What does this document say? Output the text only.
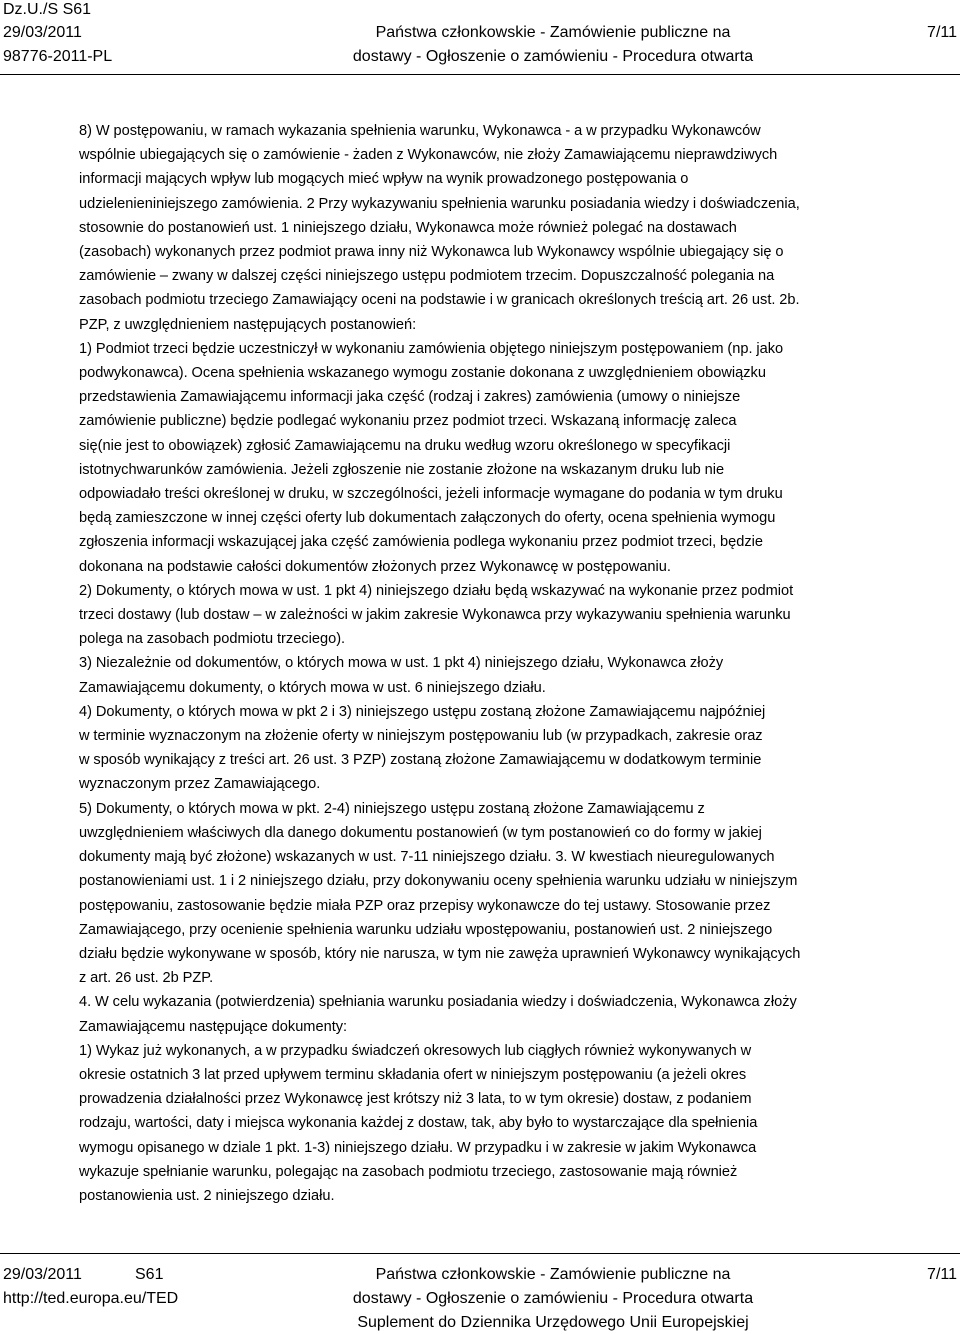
Dz.U./S S61
29/03/2011
98776-2011-PL
Państwa członkowskie - Zamówienie publiczne na
dostawy - Ogłoszenie o zamówieniu - Procedura otwarta
7/11

8) W postępowaniu, w ramach wykazania spełnienia warunku, Wykonawca - a w przypadku Wykonawców
wspólnie ubiegających się o zamówienie - żaden z Wykonawców, nie złoży Zamawiającemu nieprawdziwych
informacji mających wpływ lub mogących mieć wpływ na wynik prowadzonego postępowania o
udzielenieniniejszego zamówienia. 2 Przy wykazywaniu spełnienia warunku posiadania wiedzy i doświadczenia,
stosownie do postanowień ust. 1 niniejszego działu, Wykonawca może również polegać na dostawach
(zasobach) wykonanych przez podmiot prawa inny niż Wykonawca lub Wykonawcy wspólnie ubiegający się o
zamówienie – zwany w dalszej części niniejszego ustępu podmiotem trzecim. Dopuszczalność polegania na
zasobach podmiotu trzeciego Zamawiający oceni na podstawie i w granicach określonych treścią art. 26 ust. 2b.
PZP, z uwzględnieniem następujących postanowień:
1) Podmiot trzeci będzie uczestniczył w wykonaniu zamówienia objętego niniejszym postępowaniem (np. jako
podwykonawca). Ocena spełnienia wskazanego wymogu zostanie dokonana z uwzględnieniem obowiązku
przedstawienia Zamawiającemu informacji jaka część (rodzaj i zakres) zamówienia (umowy o niniejsze
zamówienie publiczne) będzie podlegać wykonaniu przez podmiot trzeci. Wskazaną informację zaleca
się(nie jest to obowiązek) zgłosić Zamawiającemu na druku według wzoru określonego w specyfikacji
istotnychwarunków zamówienia. Jeżeli zgłoszenie nie zostanie złożone na wskazanym druku lub nie
odpowiadało treści określonej w druku, w szczególności, jeżeli informacje wymagane do podania w tym druku
będą zamieszczone w innej części oferty lub dokumentach załączonych do oferty, ocena spełnienia wymogu
zgłoszenia informacji wskazującej jaka część zamówienia podlega wykonaniu przez podmiot trzeci, będzie
dokonana na podstawie całości dokumentów złożonych przez Wykonawcę w postępowaniu.
2) Dokumenty, o których mowa w ust. 1 pkt 4) niniejszego działu będą wskazywać na wykonanie przez podmiot
trzeci dostawy (lub dostaw – w zależności w jakim zakresie Wykonawca przy wykazywaniu spełnienia warunku
polega na zasobach podmiotu trzeciego).
3) Niezależnie od dokumentów, o których mowa w ust. 1 pkt 4) niniejszego działu, Wykonawca złoży
Zamawiającemu dokumenty, o których mowa w ust. 6 niniejszego działu.
4) Dokumenty, o których mowa w pkt 2 i 3) niniejszego ustępu zostaną złożone Zamawiającemu najpóźniej
w terminie wyznaczonym na złożenie oferty w niniejszym postępowaniu lub (w przypadkach, zakresie oraz
w sposób wynikający z treści art. 26 ust. 3 PZP) zostaną złożone Zamawiającemu w dodatkowym terminie
wyznaczonym przez Zamawiającego.
5) Dokumenty, o których mowa w pkt. 2-4) niniejszego ustępu zostaną złożone Zamawiającemu z
uwzględnieniem właściwych dla danego dokumentu postanowień (w tym postanowień co do formy w jakiej
dokumenty mają być złożone) wskazanych w ust. 7-11 niniejszego działu. 3. W kwestiach nieuregulowanych
postanowieniami ust. 1 i 2 niniejszego działu, przy dokonywaniu oceny spełnienia warunku udziału w niniejszym
postępowaniu, zastosowanie będzie miała PZP oraz przepisy wykonawcze do tej ustawy. Stosowanie przez
Zamawiającego, przy ocenienie spełnienia warunku udziału wpostępowaniu, postanowień ust. 2 niniejszego
działu będzie wykonywane w sposób, który nie narusza, w tym nie zawęża uprawnień Wykonawcy wynikających
z art. 26 ust. 2b PZP.
4. W celu wykazania (potwierdzenia) spełniania warunku posiadania wiedzy i doświadczenia, Wykonawca złoży
Zamawiającemu następujące dokumenty:
1) Wykaz już wykonanych, a w przypadku świadczeń okresowych lub ciągłych również wykonywanych w
okresie ostatnich 3 lat przed upływem terminu składania ofert w niniejszym postępowaniu (a jeżeli okres
prowadzenia działalności przez Wykonawcę jest krótszy niż 3 lata, to w tym okresie) dostaw, z podaniem
rodzaju, wartości, daty i miejsca wykonania każdej z dostaw, tak, aby było to wystarczające dla spełnienia
wymogu opisanego w dziale 1 pkt. 1-3) niniejszego działu. W przypadku i w zakresie w jakim Wykonawca
wykazuje spełnianie warunku, polegając na zasobach podmiotu trzeciego, zastosowanie mają również
postanowienia ust. 2 niniejszego działu.

29/03/2011	S61
http://ted.europa.eu/TED
Państwa członkowskie - Zamówienie publiczne na
dostawy - Ogłoszenie o zamówieniu - Procedura otwarta
Suplement do Dziennika Urzędowego Unii Europejskiej
7/11
